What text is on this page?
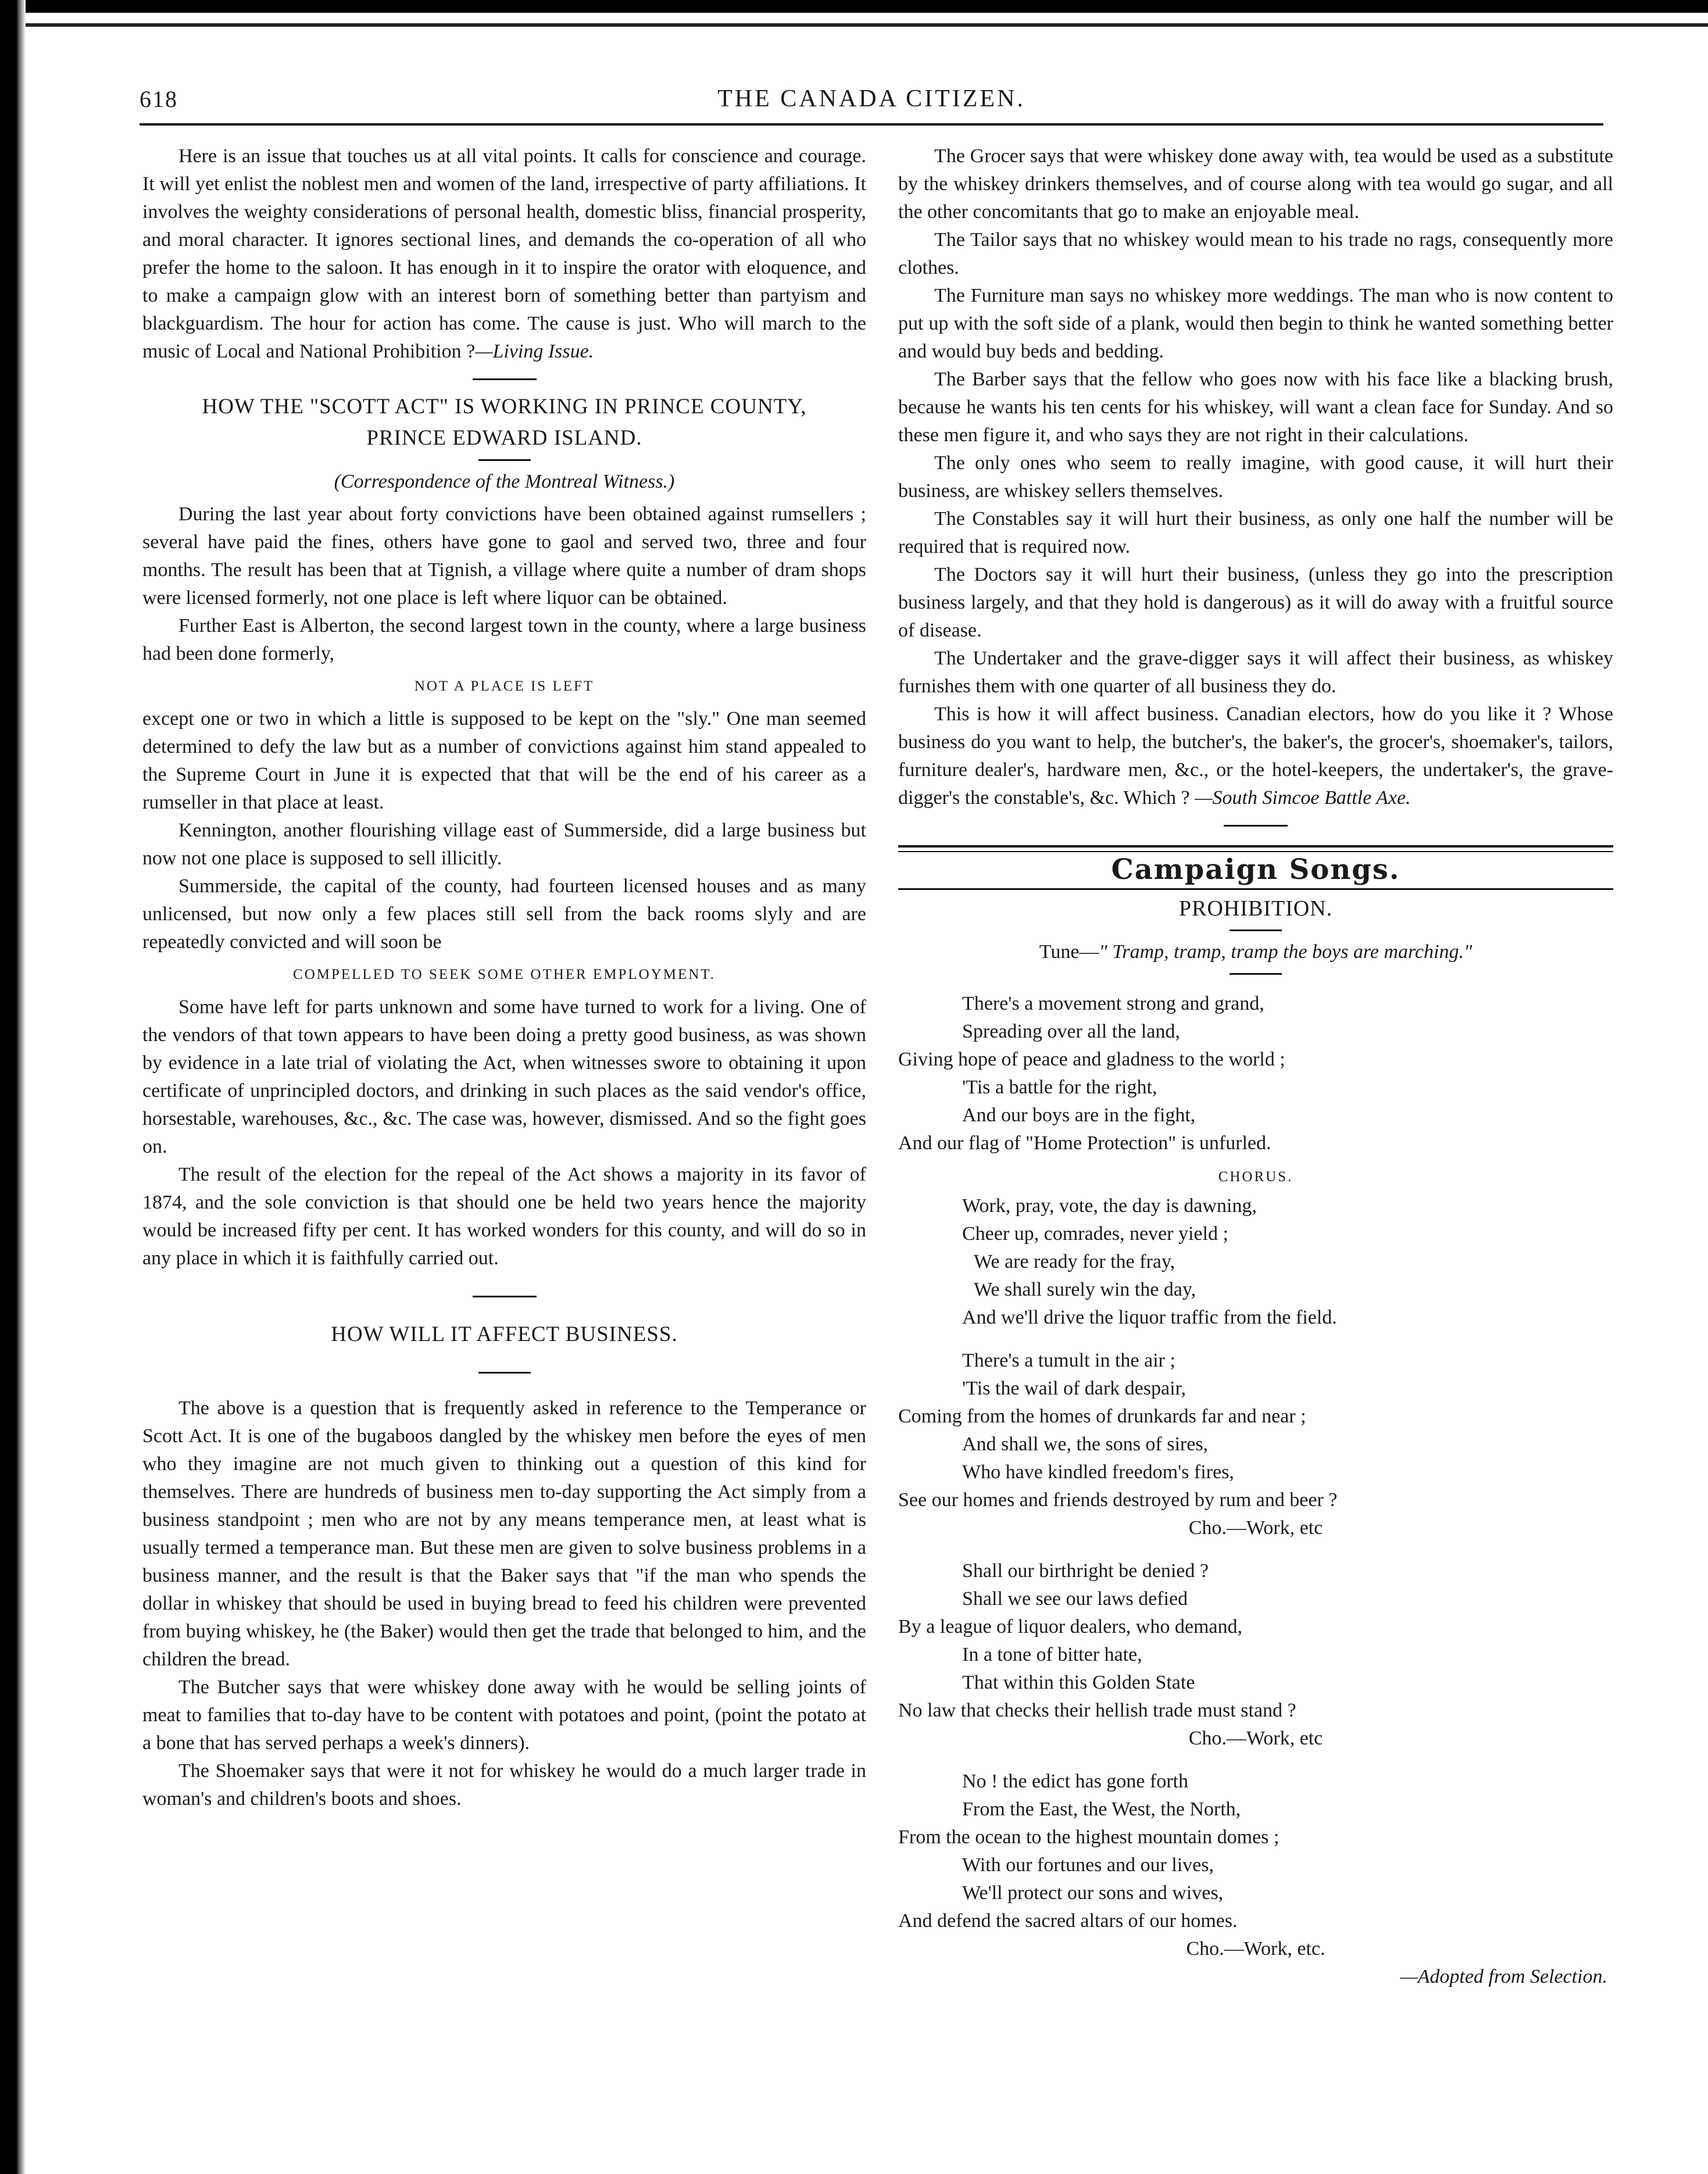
618	THE CANADA CITIZEN.

Here is an issue that touches us at all vital points. It calls for conscience and courage. It will yet enlist the noblest men and women of the land, irrespective of party affiliations. It involves the weighty considerations of personal health, domestic bliss, financial prosperity, and moral character. It ignores sectional lines, and demands the co-operation of all who prefer the home to the saloon. It has enough in it to inspire the orator with eloquence, and to make a campaign glow with an interest born of something better than partyism and blackguardism. The hour for action has come. The cause is just. Who will march to the music of Local and National Prohibition ?—Living Issue.

HOW THE "SCOTT ACT" IS WORKING IN PRINCE COUNTY,
PRINCE EDWARD ISLAND.
(Correspondence of the Montreal Witness.)

During the last year about forty convictions have been obtained against rumsellers ; several have paid the fines, others have gone to gaol and served two, three and four months. The result has been that at Tignish, a village where quite a number of dram shops were licensed formerly, not one place is left where liquor can be obtained.

Further East is Alberton, the second largest town in the county, where a large business had been done formerly,

NOT A PLACE IS LEFT

except one or two in which a little is supposed to be kept on the "sly." One man seemed determined to defy the law but as a number of convictions against him stand appealed to the Supreme Court in June it is expected that that will be the end of his career as a rumseller in that place at least.

Kennington, another flourishing village east of Summerside, did a large business but now not one place is supposed to sell illicitly.

Summerside, the capital of the county, had fourteen licensed houses and as many unlicensed, but now only a few places still sell from the back rooms slyly and are repeatedly convicted and will soon be

COMPELLED TO SEEK SOME OTHER EMPLOYMENT.

Some have left for parts unknown and some have turned to work for a living. One of the vendors of that town appears to have been doing a pretty good business, as was shown by evidence in a late trial of violating the Act, when witnesses swore to obtaining it upon certificate of unprincipled doctors, and drinking in such places as the said vendor's office, horsestable, warehouses, &c., &c. The case was, however, dismissed. And so the fight goes on.

The result of the election for the repeal of the Act shows a majority in its favor of 1874, and the sole conviction is that should one be held two years hence the majority would be increased fifty per cent. It has worked wonders for this county, and will do so in any place in which it is faithfully carried out.

HOW WILL IT AFFECT BUSINESS.

The above is a question that is frequently asked in reference to the Temperance or Scott Act. It is one of the bugaboos dangled by the whiskey men before the eyes of men who they imagine are not much given to thinking out a question of this kind for themselves. There are hundreds of business men to-day supporting the Act simply from a business standpoint ; men who are not by any means temperance men, at least what is usually termed a temperance man. But these men are given to solve business problems in a business manner, and the result is that the Baker says that "if the man who spends the dollar in whiskey that should be used in buying bread to feed his children were prevented from buying whiskey, he (the Baker) would then get the trade that belonged to him, and the children the bread.

The Butcher says that were whiskey done away with he would be selling joints of meat to families that to-day have to be content with potatoes and point, (point the potato at a bone that has served perhaps a week's dinners).

The Shoemaker says that were it not for whiskey he would do a much larger trade in woman's and children's boots and shoes.

The Grocer says that were whiskey done away with, tea would be used as a substitute by the whiskey drinkers themselves, and of course along with tea would go sugar, and all the other concomitants that go to make an enjoyable meal.

The Tailor says that no whiskey would mean to his trade no rags, consequently more clothes.

The Furniture man says no whiskey more weddings. The man who is now content to put up with the soft side of a plank, would then begin to think he wanted something better and would buy beds and bedding.

The Barber says that the fellow who goes now with his face like a blacking brush, because he wants his ten cents for his whiskey, will want a clean face for Sunday. And so these men figure it, and who says they are not right in their calculations.

The only ones who seem to really imagine, with good cause, it will hurt their business, are whiskey sellers themselves.

The Constables say it will hurt their business, as only one half the number will be required that is required now.

The Doctors say it will hurt their business, (unless they go into the prescription business largely, and that they hold is dangerous) as it will do away with a fruitful source of disease.

The Undertaker and the grave-digger says it will affect their business, as whiskey furnishes them with one quarter of all business they do.

This is how it will affect business. Canadian electors, how do you like it ? Whose business do you want to help, the butcher's, the baker's, the grocer's, shoemaker's, tailors, furniture dealer's, hardware men, &c., or the hotel-keepers, the undertaker's, the grave-digger's the constable's, &c. Which ? —South Simcoe Battle Axe.

Campaign Songs.
PROHIBITION.
Tune—" Tramp, tramp, tramp the boys are marching."
There's a movement strong and grand,
Spreading over all the land,
Giving hope of peace and gladness to the world ;
'Tis a battle for the right,
And our boys are in the fight,
And our flag of "Home Protection" is unfurled.
CHORUS.
Work, pray, vote, the day is dawning,
Cheer up, comrades, never yield ;
We are ready for the fray,
We shall surely win the day,
And we'll drive the liquor traffic from the field.
There's a tumult in the air ;
'Tis the wail of dark despair,
Coming from the homes of drunkards far and near ;
And shall we, the sons of sires,
Who have kindled freedom's fires,
See our homes and friends destroyed by rum and beer ?
Cho.—Work, etc
Shall our birthright be denied ?
Shall we see our laws defied
By a league of liquor dealers, who demand,
In a tone of bitter hate,
That within this Golden State
No law that checks their hellish trade must stand ?
Cho.—Work, etc
No ! the edict has gone forth
From the East, the West, the North,
From the ocean to the highest mountain domes ;
With our fortunes and our lives,
We'll protect our sons and wives,
And defend the sacred altars of our homes.
Cho.—Work, etc.
—Adopted from Selection.
